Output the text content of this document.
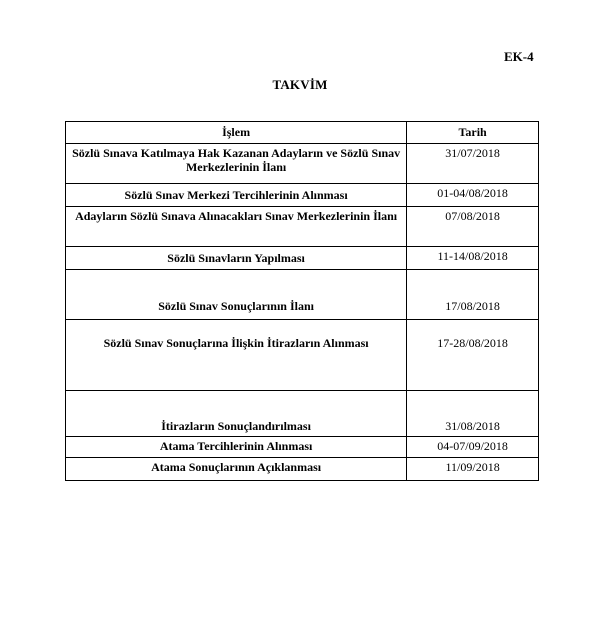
EK-4
TAKVİM
İşlem	Tarih
Sözlü Sınava Katılmaya Hak Kazanan Adayların ve Sözlü Sınav Merkezlerinin İlanı	31/07/2018
Sözlü Sınav Merkezi Tercihlerinin Alınması	01-04/08/2018
Adayların Sözlü Sınava Alınacakları Sınav Merkezlerinin İlanı	07/08/2018
Sözlü Sınavların Yapılması	11-14/08/2018
Sözlü Sınav Sonuçlarının İlanı	17/08/2018
Sözlü Sınav Sonuçlarına İlişkin İtirazların Alınması	17-28/08/2018
İtirazların Sonuçlandırılması	31/08/2018
Atama Tercihlerinin Alınması	04-07/09/2018
Atama Sonuçlarının Açıklanması	11/09/2018
